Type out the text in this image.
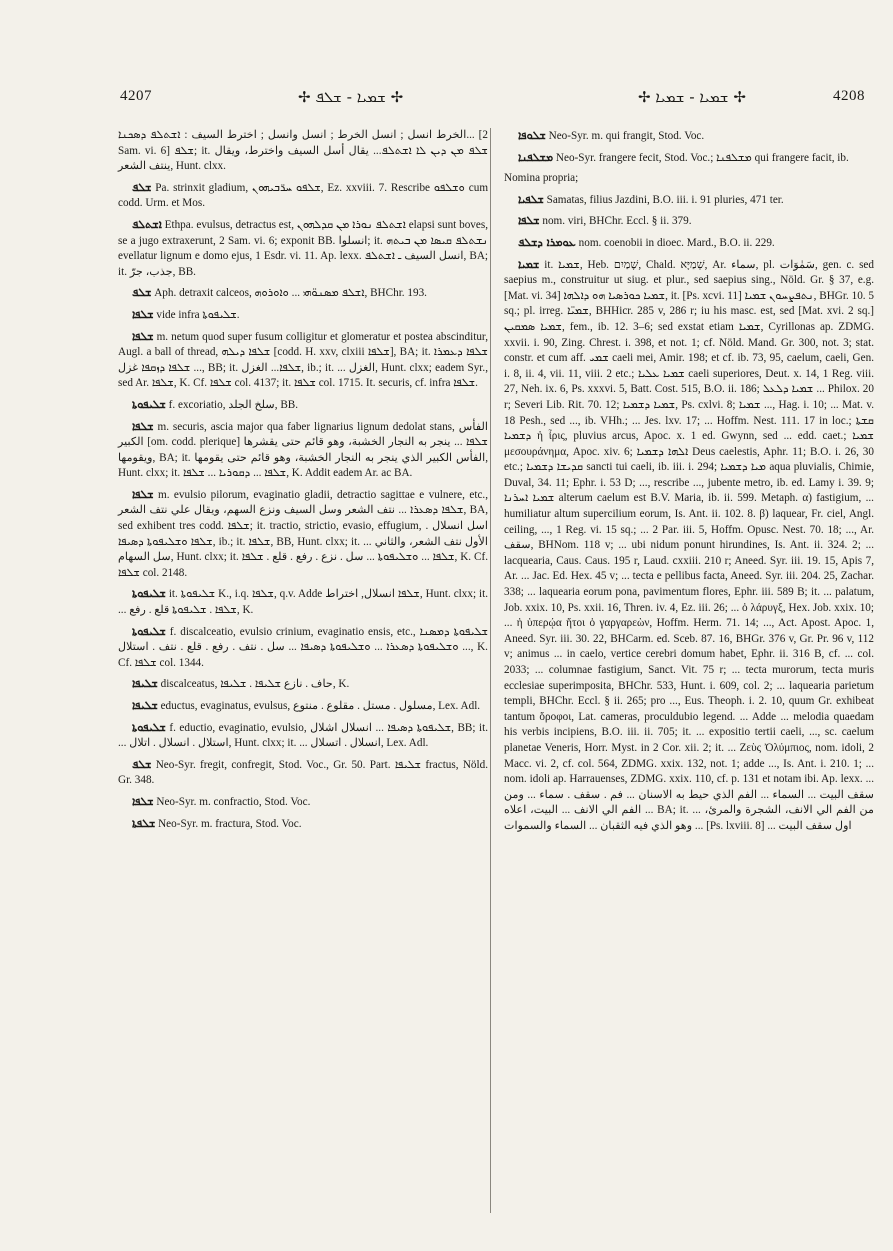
4207	✢ ܫܡܝܐ - ܫܠܦ ✢	✢ ܫܡܝܐ - ܫܡܝܐ ✢	4208

الخرط انسل ; انسل الخرط ; انسل وانسل ; اخترط السيف : ܐܫܬܠܦ ܕܣܟܢܐ... [2 Sam. vi. 6] ܫܠܦ; it. ܫܠܦ ܡܢ ܕܝܢ ܠܐ ܐܫܬܠܦ... يقال أسل السيف واخترط، ويقال ينتف الشعر, Hunt. clxx.

ܫܠܦ Pa. strinxit gladium, ܫܠܦܘ ܚܪ̈ܒܝܗܘܢ, Ez. xxviii. 7. Rescribe ܘܫܠܦܘ cum codd. Urm. et Mos.

ܐܫܬܠܦ Ethpa. evulsus, detractus est, ܐܫܬܠܦ ܢܘܪܐ ܡܢ ܩܕܠܗܘܢ elapsi sunt boves, se a jugo extraxerunt, 2 Sam. vi. 6; exponit BB. انسلوا; it. ܢܫܬܠܦ ܩܝܣܐ ܡܢ ܒܝܬܗ evellatur lignum e domo ejus, 1 Esdr. vi. 11. Ap. lexx. انسل السيف ـ ܐܫܬܠܦ, BA; it. جذب، جرّ, BB.

ܫܠܦ Aph. detraxit calceos, ܐܫܠܦ ܡܣܢܘ̈ܗܝ ... ܘܐܘܪܘܗ, BHChr. 193.

ܫܠܦܐ vide infra ܫܠܝܦܘܬܐ.

ܫܠܦܐ m. netum quod super fusum colligitur et glomeratur et postea abscinditur, Augl. a ball of thread, ܫܠܦܐ ܕܝܠܗ [codd. H. xxv, clxiii ܫܠܦܐ], BA; it. ܫܠܦܐ ܕܥܡܪܐ ... ܫܠܦܐ ܕܙܩܦܐ غزل, BB; it. ܫܠܦܐ... الغزل, ib.; it. ... الغزل, Hunt. clxx; eadem Syr., sed Ar. ܫܠܦܐ, K. Cf. ܫܠܦܐ col. 4137; it. ܫܠܦܐ col. 1715. It. securis, cf. infra ܫܠܦܐ.

ܫܠܝܦܘܬܐ f. excoriatio, سلخ الجلد, BB.

ܫܠܦܐ m. securis, ascia major qua faber lignarius lignum dedolat stans, الفأس الكبير [om. codd. plerique] ܫܠܦܐ ... ينجر به النجار الخشبة، وهو قائم حتى يقشرها ويقومها, BA; it. الفأس الكبير الذي ينجر به النجار الخشبة، وهو قائم حتى يقومها, Hunt. clxx; it. ܫܠܦܐ ... ܕܩܘܪܝܐ ... ܫܠܦܐ, K. Addit eadem Ar. ac BA.

ܫܠܦܐ m. evulsio pilorum, evaginatio gladii, detractio sagittae e vulnere, etc., ܫܠܦܐ ܕܣܥܪܐ ... نتف الشعر وسل السيف ونزع السهم، ويقال علي نتف الشعر, BA, sed exhibent tres codd. ܫܠܦܐ; it. tractio, strictio, evasio, effugium, اسل انسلال . ܫܠܦܐ ܘܫܠܝܦܘܬܐ ܕܣܝܦܐ, ib.; it. ܫܠܦܐ, BB, Hunt. clxx; it. ... الأول نتف الشعر، والثاني سل السهام, Hunt. clxx; it. ܫܠܦܐ ... ܘܫܠܝܦܘܬܐ ... سل . نزع . رفع . قلع . ܫܠܦܐ, K. Cf. ܫܠܦܐ col. 2148.

ܫܠܝܦܘܬܐ it. ܫܠܝܦܘܬܐ K., i.q. ܫܠܦܐ, q.v. Adde ܫܠܦܐ انسلال, اختراط, Hunt. clxx; it. ... ܫܠܦܐ . ܫܠܝܦܘܬܐ قلع . رفع, K.

ܫܠܝܦܘܬܐ f. discalceatio, evulsio crinium, evaginatio ensis, etc., ܫܠܝܦܘܬܐ ܕܡܣܢܐ ... ܘܫܠܝܦܘܬܐ ܕܣܥܪܐ ... ܘܫܠܝܦܘܬܐ ܕܣܝܦܐ ... سل . نتف . رفع . قلع . نتف . استلال, K. Cf. ܫܠܦܐ col. 1344.

ܫܠܝܦܐ discalceatus, حاف . نازع ܫܠܝܦܐ . ܫܠܝܦܐ, K.

ܫܠܝܦܐ eductus, evaginatus, evulsus, مسلول . مستل . مقلوع . منتوع, Lex. Adl.

ܫܠܝܦܘܬܐ f. eductio, evaginatio, evulsio, ܫܠܝܦܘܬܐ ܕܣܝܦܐ ... انسلال اشلال, BB; it. ... استلال . انسلال . اتلال, Hunt. clxx; it. ... انسلال . اتسلال, Lex. Adl.

ܫܠܦ Neo-Syr. fregit, confregit, Stod. Voc., Gr. 50. Part. ܫܠܝܦܐ fractus, Nöld. Gr. 348.

ܫܠܦܐ Neo-Syr. m. confractio, Stod. Voc.

ܫܠܦܬܐ Neo-Syr. m. fractura, Stod. Voc.

ܫܠܘܦܐ Neo-Syr. m. qui frangit, Stod. Voc.

ܡܫܠܦܢܐ Neo-Syr. frangere fecit, Stod. Voc.; ܡܫܠܦܢܐ qui frangere facit, ib.

Nomina propria;

ܫܠܦܝܐ Samatas, filius Jazdini, B.O. iii. i. 91 pluries, 471 ter.

ܫܠܦܐ nom. viri, BHChr. Eccl. § ii. 379.

ܥܘܡܪܐ ܕܫܠܦ nom. coenobii in dioec. Mard., B.O. ii. 229.

ܫܡܝܐ it. ܫܡܝܐ, Heb. שָׁמַיִם, Chald. שְׁמַיָּא, Ar. سماء, pl. سَمٰوَات, gen. c. sed saepius m., construitur ut siug. et plur., sed saepius sing., Nöld. Gr. § 37, e.g. [Mat. vi. 34] ܫܡܝܐ ܟܘܪܣܝܐ ܗܘ ܕܐܠܗܐ, it. [Ps. xcvi. 11] ܢܬܦܨܚܘܢ ܫܡܝܐ, BHGr. 10. 5 sq.; pl. irreg. ܫܡܝ̈ܐ, BHHicr. 285 v, 286 r; iu his masc. est, sed [Mat. xvi. 2 sq.] ܫܡܝܐ ܣܡܩܝܢ, fem., ib. 12. 3–6; sed exstat etiam ܫܡܝܐ, Cyrillonas ap. ZDMG. xxvii. i. 90, Zing. Chrest. i. 398, et not. 1; cf. Nöld. Mand. Gr. 300, not. 3; stat. constr. et cum aff. ܫܡܝ caeli mei, Amir. 198; et cf. ib. 73, 95, caelum, caeli, Gen. i. 8, ii. 4, vii. 11, viii. 2 etc.; ܫܡܝܐ ܥܠܝܐ caeli superiores, Deut. x. 14, 1 Reg. viii. 27, Neh. ix. 6, Ps. xxxvi. 5, Batt. Cost. 515, B.O. ii. 186; ܫܡܝܐ ܕܠܥܠ ... Philox. 20 r; Severi Lib. Rit. 70. 12; ܫܡܝܐ ܕܫܡܝܐ, Ps. cxlvi. 8; ܫܡܝܐ ..., Hag. i. 10; ... Mat. v. 18 Pesh., sed ..., ib. VHh.; ... Jes. lxv. 17; ... Hoffm. Nest. 111. 17 in loc.; ܩܫܬܐ ܕܫܡܝܐ ἡ ἶρις, pluvius arcus, Apoc. x. 1 ed. Gwynn, sed ... edd. caet.; ܫܡܝܐ μεσουράνημα, Apoc. xiv. 6; ܐܠܗܐ ܕܫܡܝܐ Deus caelestis, Aphr. 11; B.O. i. 26, 30 etc.; ܩܕܝܫܐ ܕܫܡܝܐ sancti tui caeli, ib. iii. i. 294; ܡܝܐ ܕܫܡܝܐ aqua pluvialis, Chimie, Duval, 34. 11; Ephr. i. 53 D; ..., rescribe ..., jubente metro, ib. ed. Lamy i. 39. 9; ܫܡܝܐ ܐܚܪܢܐ alterum caelum est B.V. Maria, ib. ii. 599. Metaph. α) fastigium, ... humiliatur altum supercilium eorum, Is. Ant. ii. 102. 8. β) laquear, Fr. ciel, Angl. ceiling, ..., 1 Reg. vi. 15 sq.; ... 2 Par. iii. 5, Hoffm. Opusc. Nest. 70. 18; ..., Ar. سقف, BHNom. 118 v; ... ubi nidum ponunt hirundines, Is. Ant. ii. 324. 2; ... lacquearia, Caus. Caus. 195 r, Laud. cxxiii. 210 r; Aneed. Syr. iii. 19. 15, Apis 7, Ar. ... Jac. Ed. Hex. 45 v; ... tecta e pellibus facta, Aneed. Syr. iii. 204. 25, Zachar. 338; ... laquearia eorum pona, pavimentum flores, Ephr. iii. 589 B; it. ... palatum, Job. xxix. 10, Ps. xxii. 16, Thren. iv. 4, Ez. iii. 26; ... ὁ λάρυγξ, Hex. Job. xxix. 10; ... ἡ ὑπερῴα ἤτοι ὁ γαργαρεὼν, Hoffm. Herm. 71. 14; ..., Act. Apost. Apoc. 1, Aneed. Syr. iii. 30. 22, BHCarm. ed. Sceb. 87. 16, BHGr. 376 v, Gr. Pr. 96 v, 112 v; animus ... in caelo, vertice cerebri domum habet, Ephr. ii. 316 B, cf. ... col. 2033; ... columnae fastigium, Sanct. Vit. 75 r; ... tecta murorum, tecta muris ecclesiae superimposita, BHChr. 533, Hunt. i. 609, col. 2; ... laquearia parietum templi, BHChr. Eccl. § ii. 265; pro ..., Eus. Theoph. i. 2. 10, quum Gr. exhibeat tantum ὄροφοι, Lat. cameras, proculdubio legend. ... Adde ... melodia quaedam his verbis incipiens, B.O. iii. ii. 705; it. ... expositio tertii caeli, ..., sc. caelum planetae Veneris, Horr. Myst. in 2 Cor. xii. 2; it. ... Ζεὺς Ὀλύμπιος, nom. idoli, 2 Macc. vi. 2, cf. col. 564, ZDMG. xxix. 132, not. 1; adde ..., Is. Ant. i. 210. 1; ... nom. idoli ap. Harrauenses, ZDMG. xxix. 110, cf. p. 131 et notam ibi. Ap. lexx. ... سقف البيت ... السماء ... الفم الذي حيط به الاسنان ... فم . سقف . سماء ... ومن الفم الي الانف ... البيت، اعلاه ... BA; it. ... من الفم الي الانف، الشجرة والمرئ، وهو الذي فيه الثقبان ... السماء والسموات ... [Ps. lxviii. 8] ... اول سقف البيت
